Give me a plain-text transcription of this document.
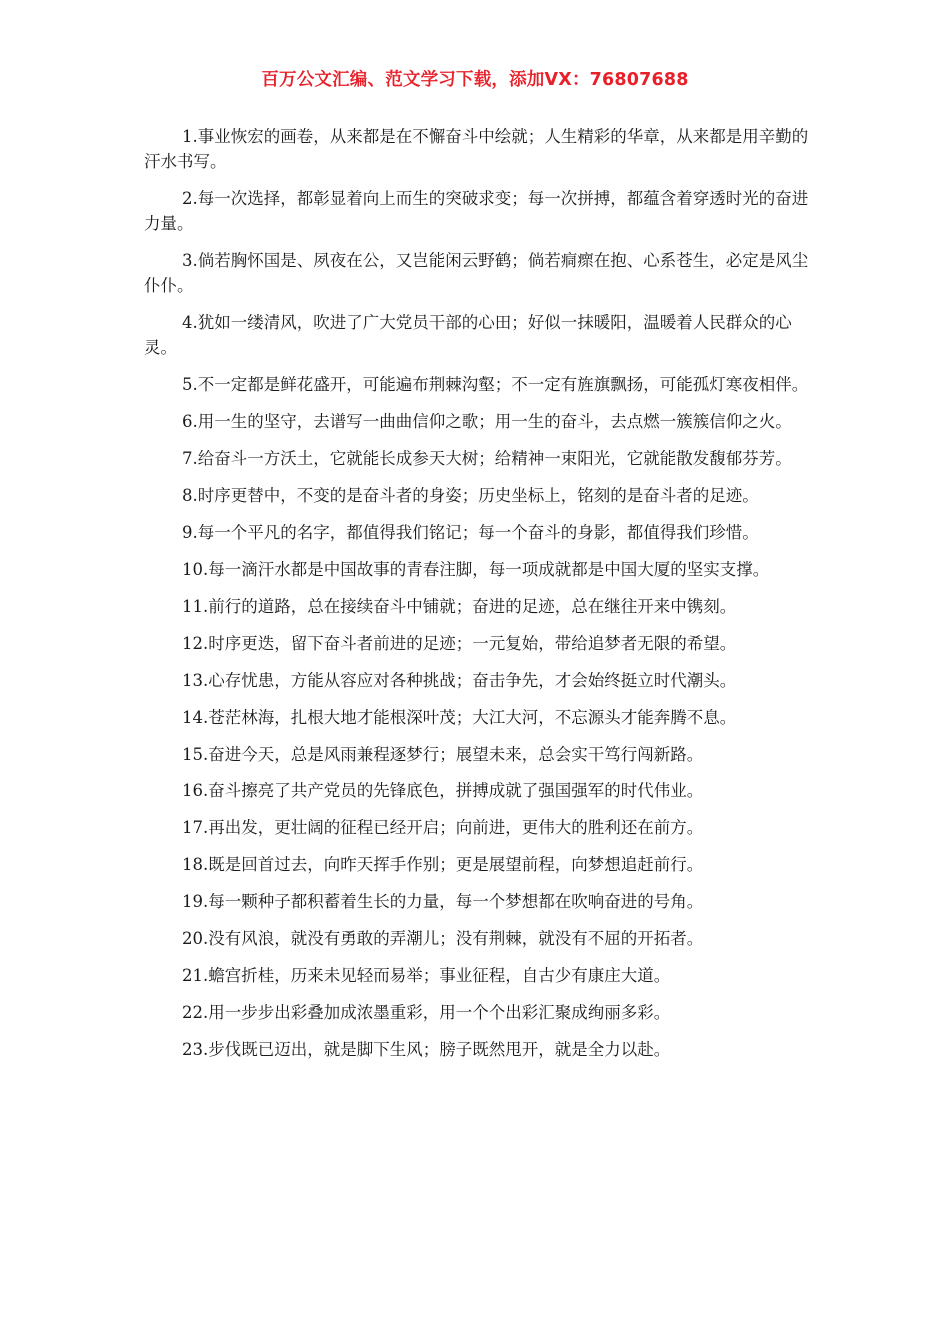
百万公文汇编、范文学习下载，添加VX：76807688

1.事业恢宏的画卷，从来都是在不懈奋斗中绘就；人生精彩的华章，从来都是用辛勤的汗水书写。

2.每一次选择，都彰显着向上而生的突破求变；每一次拼搏，都蕴含着穿透时光的奋进力量。

3.倘若胸怀国是、夙夜在公，又岂能闲云野鹤；倘若痌瘝在抱、心系苍生，必定是风尘仆仆。

4.犹如一缕清风，吹进了广大党员干部的心田；好似一抹暖阳，温暖着人民群众的心灵。

5.不一定都是鲜花盛开，可能遍布荆棘沟壑；不一定有旌旗飘扬，可能孤灯寒夜相伴。

6.用一生的坚守，去谱写一曲曲信仰之歌；用一生的奋斗，去点燃一簇簇信仰之火。

7.给奋斗一方沃土，它就能长成参天大树；给精神一束阳光，它就能散发馥郁芬芳。

8.时序更替中，不变的是奋斗者的身姿；历史坐标上，铭刻的是奋斗者的足迹。

9.每一个平凡的名字，都值得我们铭记；每一个奋斗的身影，都值得我们珍惜。

10.每一滴汗水都是中国故事的青春注脚，每一项成就都是中国大厦的坚实支撑。

11.前行的道路，总在接续奋斗中铺就；奋进的足迹，总在继往开来中镌刻。

12.时序更迭，留下奋斗者前进的足迹；一元复始，带给追梦者无限的希望。

13.心存忧患，方能从容应对各种挑战；奋击争先，才会始终挺立时代潮头。

14.苍茫林海，扎根大地才能根深叶茂；大江大河，不忘源头才能奔腾不息。

15.奋进今天，总是风雨兼程逐梦行；展望未来，总会实干笃行闯新路。

16.奋斗擦亮了共产党员的先锋底色，拼搏成就了强国强军的时代伟业。

17.再出发，更壮阔的征程已经开启；向前进，更伟大的胜利还在前方。

18.既是回首过去，向昨天挥手作别；更是展望前程，向梦想追赶前行。

19.每一颗种子都积蓄着生长的力量，每一个梦想都在吹响奋进的号角。

20.没有风浪，就没有勇敢的弄潮儿；没有荆棘，就没有不屈的开拓者。

21.蟾宫折桂，历来未见轻而易举；事业征程，自古少有康庄大道。

22.用一步步出彩叠加成浓墨重彩，用一个个出彩汇聚成绚丽多彩。

23.步伐既已迈出，就是脚下生风；膀子既然甩开，就是全力以赴。
